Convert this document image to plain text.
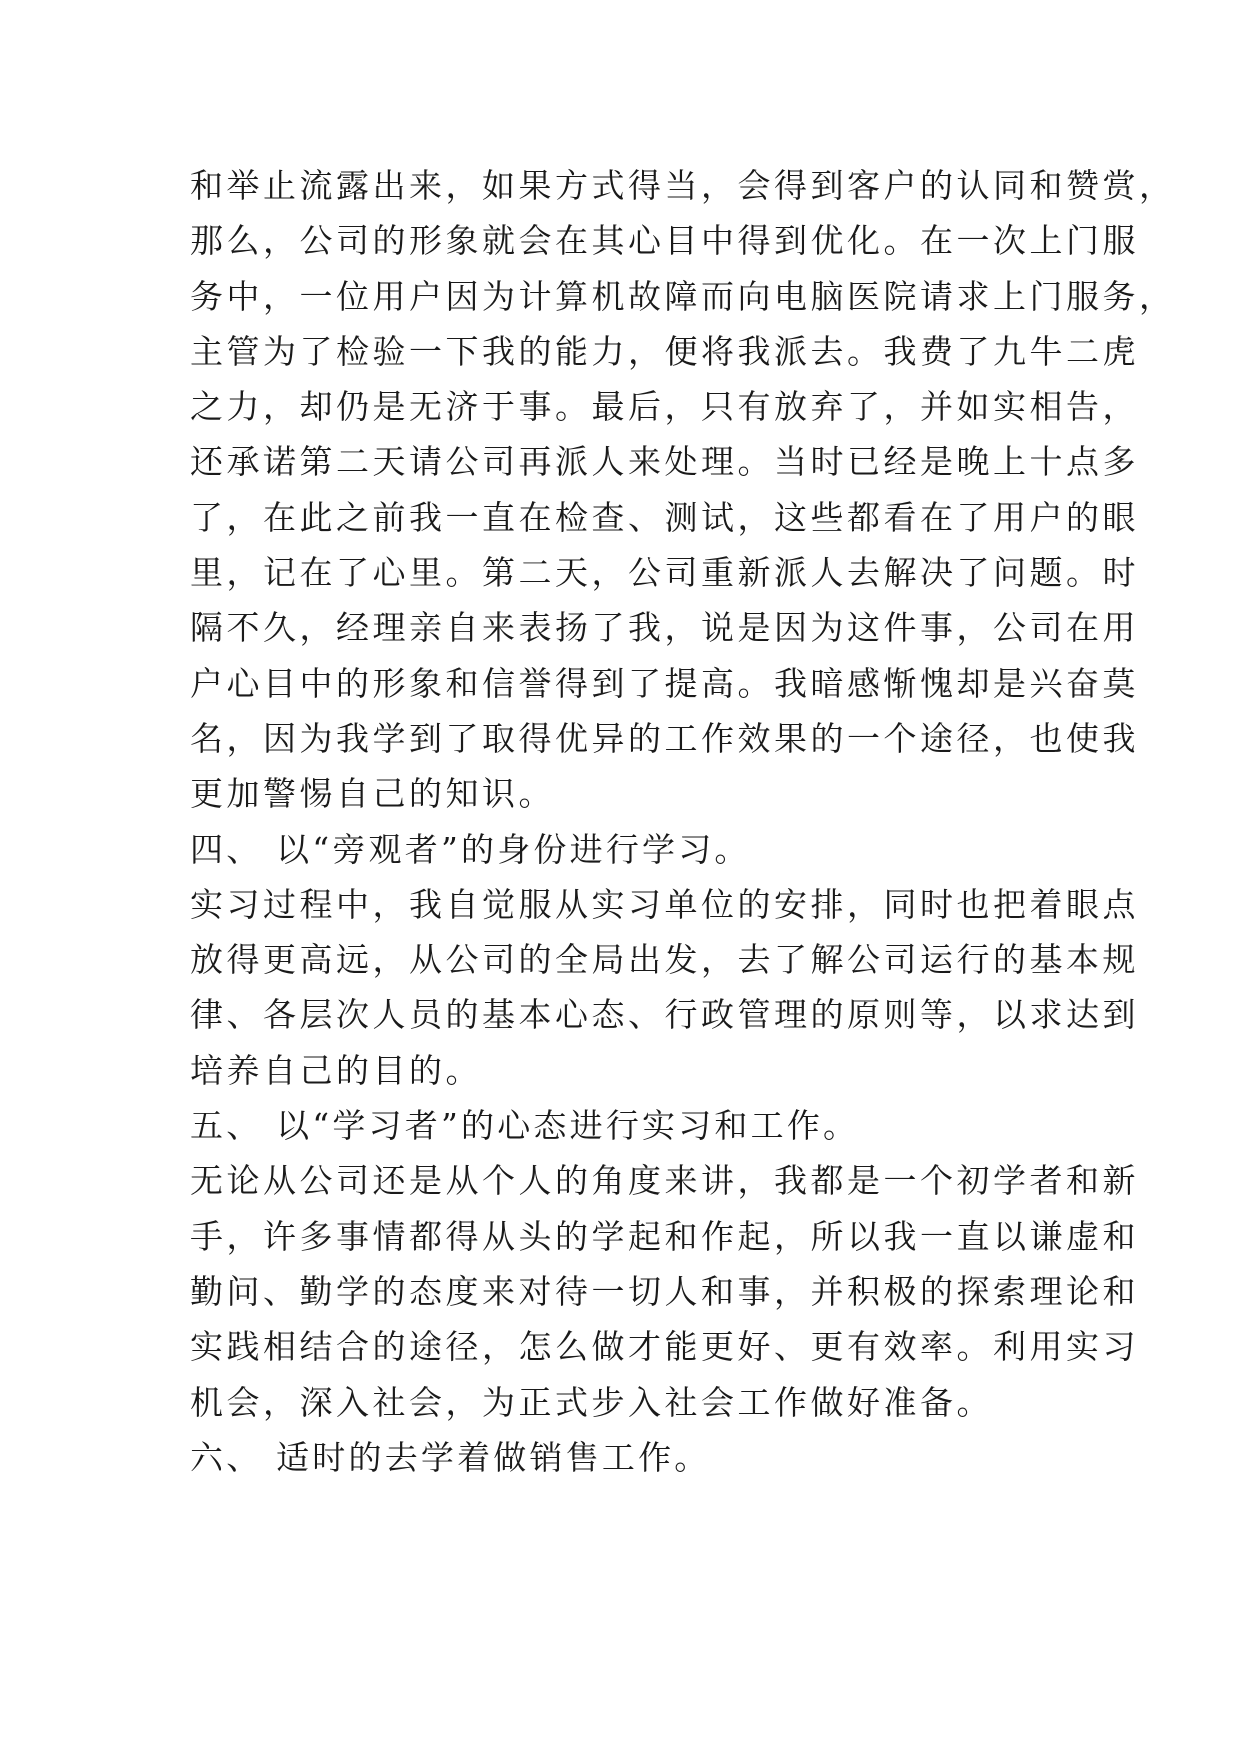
和举止流露出来，如果方式得当，会得到客户的认同和赞赏，
那么，公司的形象就会在其心目中得到优化。在一次上门服
务中，一位用户因为计算机故障而向电脑医院请求上门服务，
主管为了检验一下我的能力，便将我派去。我费了九牛二虎
之力，却仍是无济于事。最后，只有放弃了，并如实相告，
还承诺第二天请公司再派人来处理。当时已经是晚上十点多
了，在此之前我一直在检查、测试，这些都看在了用户的眼
里，记在了心里。第二天，公司重新派人去解决了问题。时
隔不久，经理亲自来表扬了我，说是因为这件事，公司在用
户心目中的形象和信誉得到了提高。我暗感惭愧却是兴奋莫
名，因为我学到了取得优异的工作效果的一个途径，也使我
更加警惕自己的知识。
四、 以“旁观者”的身份进行学习。
实习过程中，我自觉服从实习单位的安排，同时也把着眼点
放得更高远，从公司的全局出发，去了解公司运行的基本规
律、各层次人员的基本心态、行政管理的原则等，以求达到
培养自己的目的。
五、 以“学习者”的心态进行实习和工作。
无论从公司还是从个人的角度来讲，我都是一个初学者和新
手，许多事情都得从头的学起和作起，所以我一直以谦虚和
勤问、勤学的态度来对待一切人和事，并积极的探索理论和
实践相结合的途径，怎么做才能更好、更有效率。利用实习
机会，深入社会，为正式步入社会工作做好准备。
六、 适时的去学着做销售工作。
